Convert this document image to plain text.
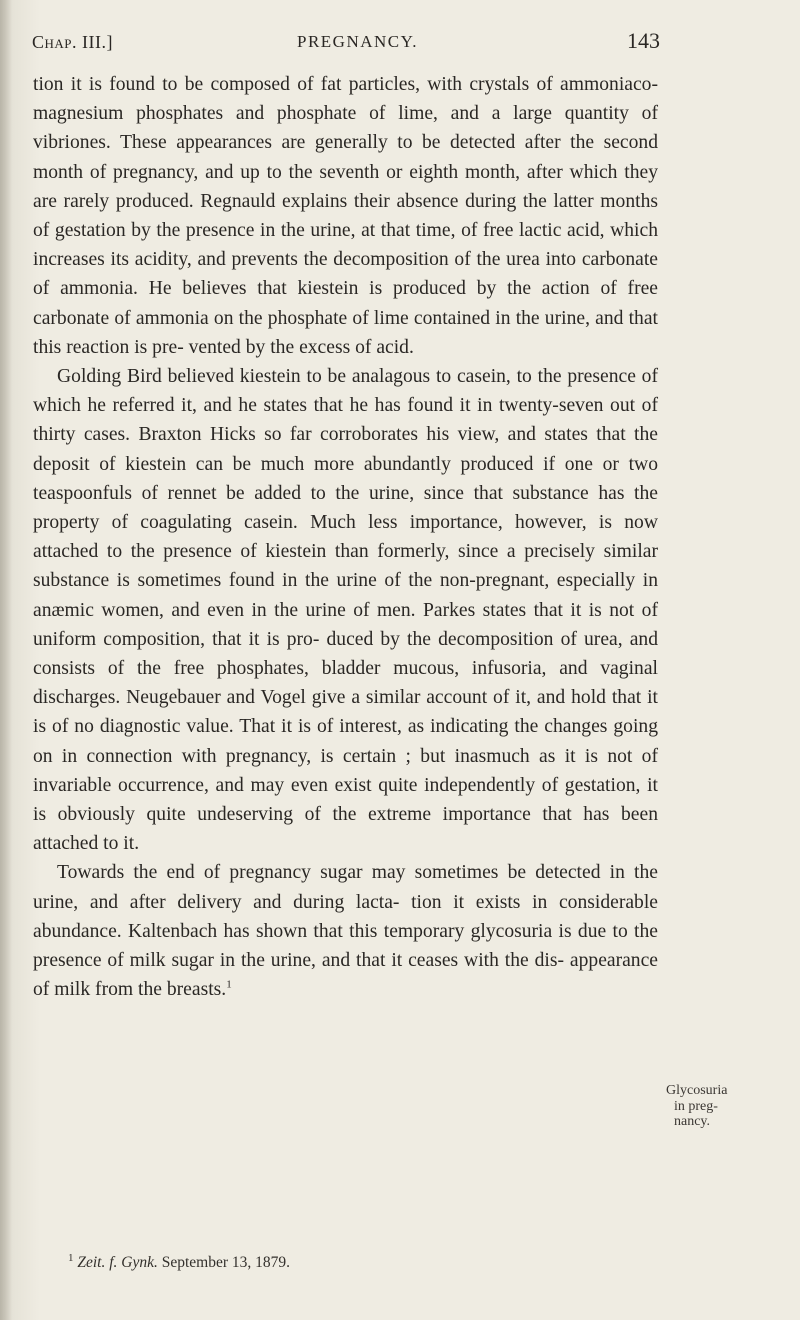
Chap. III.]	PREGNANCY.	143

tion it is found to be composed of fat particles, with crystals of ammoniaco-magnesium phosphates and phosphate of lime, and a large quantity of vibriones. These appearances are generally to be detected after the second month of pregnancy, and up to the seventh or eighth month, after which they are rarely produced. Regnauld explains their absence during the latter months of gestation by the presence in the urine, at that time, of free lactic acid, which increases its acidity, and prevents the decomposition of the urea into carbonate of ammonia. He believes that kiestein is produced by the action of free carbonate of ammonia on the phosphate of lime contained in the urine, and that this reaction is pre- vented by the excess of acid.

Golding Bird believed kiestein to be analagous to casein, to the presence of which he referred it, and he states that he has found it in twenty-seven out of thirty cases. Braxton Hicks so far corroborates his view, and states that the deposit of kiestein can be much more abundantly produced if one or two teaspoonfuls of rennet be added to the urine, since that substance has the property of coagulating casein. Much less importance, however, is now attached to the presence of kiestein than formerly, since a precisely similar substance is sometimes found in the urine of the non-pregnant, especially in anæmic women, and even in the urine of men. Parkes states that it is not of uniform composition, that it is pro- duced by the decomposition of urea, and consists of the free phosphates, bladder mucous, infusoria, and vaginal discharges. Neugebauer and Vogel give a similar account of it, and hold that it is of no diagnostic value. That it is of interest, as indicating the changes going on in connection with pregnancy, is certain ; but inasmuch as it is not of invariable occurrence, and may even exist quite independently of gestation, it is obviously quite undeserving of the extreme importance that has been attached to it.

Towards the end of pregnancy sugar may sometimes be detected in the urine, and after delivery and during lacta- tion it exists in considerable abundance. Kaltenbach has shown that this temporary glycosuria is due to the presence of milk sugar in the urine, and that it ceases with the dis- appearance of milk from the breasts.$^1$

Glycosuria
in preg-
nancy.
$^1$ Zeit. f. Gynk. September 13, 1879.
